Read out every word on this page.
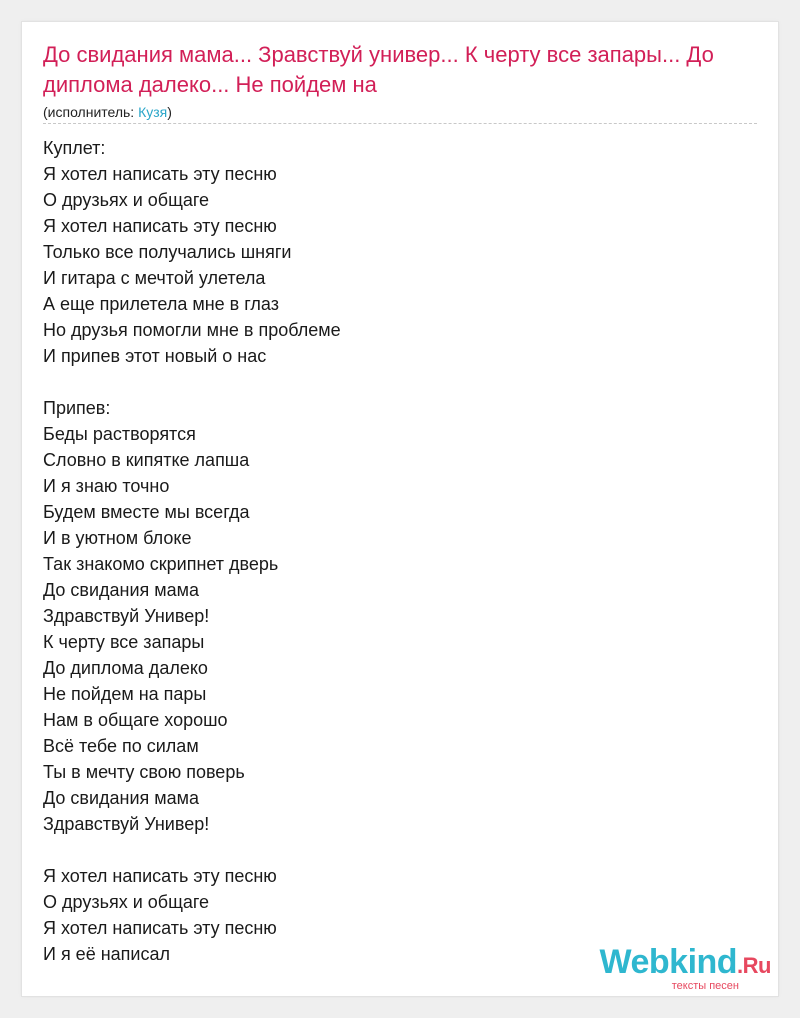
До свидания мама... Зравствуй универ... К черту все запары... До диплома далеко... Не пойдем на
(исполнитель: Кузя)
Куплет:
Я хотел написать эту песню
О друзьях и общаге
Я хотел написать эту песню
Только все получались шняги
И гитара с мечтой улетела
А еще прилетела мне в глаз
Но друзья помогли мне в проблеме
И припев этот новый о нас
Припев:
Беды растворятся
Словно в кипятке лапша
И я знаю точно
Будем вместе мы всегда
И в уютном блоке
Так знакомо скрипнет дверь
До свидания мама
Здравствуй Универ!
К черту все запары
До диплома далеко
Не пойдем на пары
Нам в общаге хорошо
Всё тебе по силам
Ты в мечту свою поверь
До свидания мама
Здравствуй Универ!
Я хотел написать эту песню
О друзьях и общаге
Я хотел написать эту песню
И я её написал	Webkind.Ru
тексты песен
